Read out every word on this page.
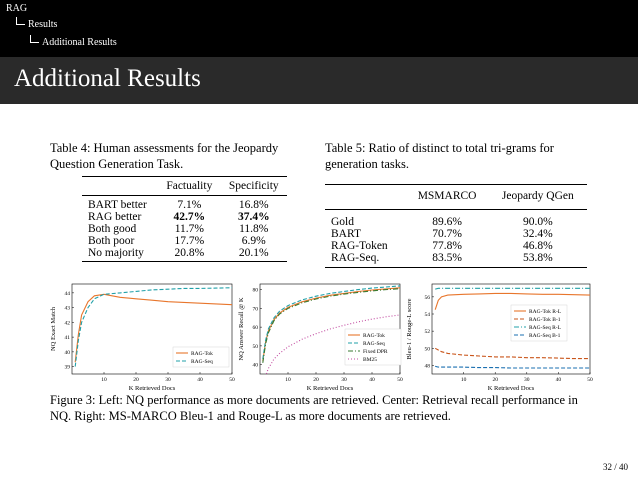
RAG
Results
Additional Results
Additional Results
Table 4: Human assessments for the Jeopardy Question Generation Task.
	Factuality	Specificity
BART better	7.1%	16.8%
RAG better	42.7%	37.4%
Both good	11.7%	11.8%
Both poor	17.7%	6.9%
No majority	20.8%	20.1%
Table 5: Ratio of distinct to total tri-grams for generation tasks.
	MSMARCO	Jeopardy QGen
Gold	89.6%	90.0%
BART	70.7%	32.4%
RAG-Token	77.8%	46.8%
RAG-Seq.	83.5%	53.8%
10	20	30	40	50
39
40
41
42
43
44
K Retrieved Docs
NQ Exact Match
RAG-Tok
RAG-Seq
10	20	30	40	50
40
50
60
70
80
K Retrieved Docs
NQ Answer Recall @ K	RAG-Tok
RAG-Seq
Fixed DPR
BM25
10	20	30	40	50
48
50
52
54
56
K Retrieved Docs
Bleu-1 / Rouge-L score	RAG-Tok R-L
RAG-Tok B-1
RAG-Seq R-L
RAG-Seq B-1
Figure 3: Left: NQ performance as more documents are retrieved. Center: Retrieval recall performance in NQ. Right: MS-MARCO Bleu-1 and Rouge-L as more documents are retrieved.
32 / 40
